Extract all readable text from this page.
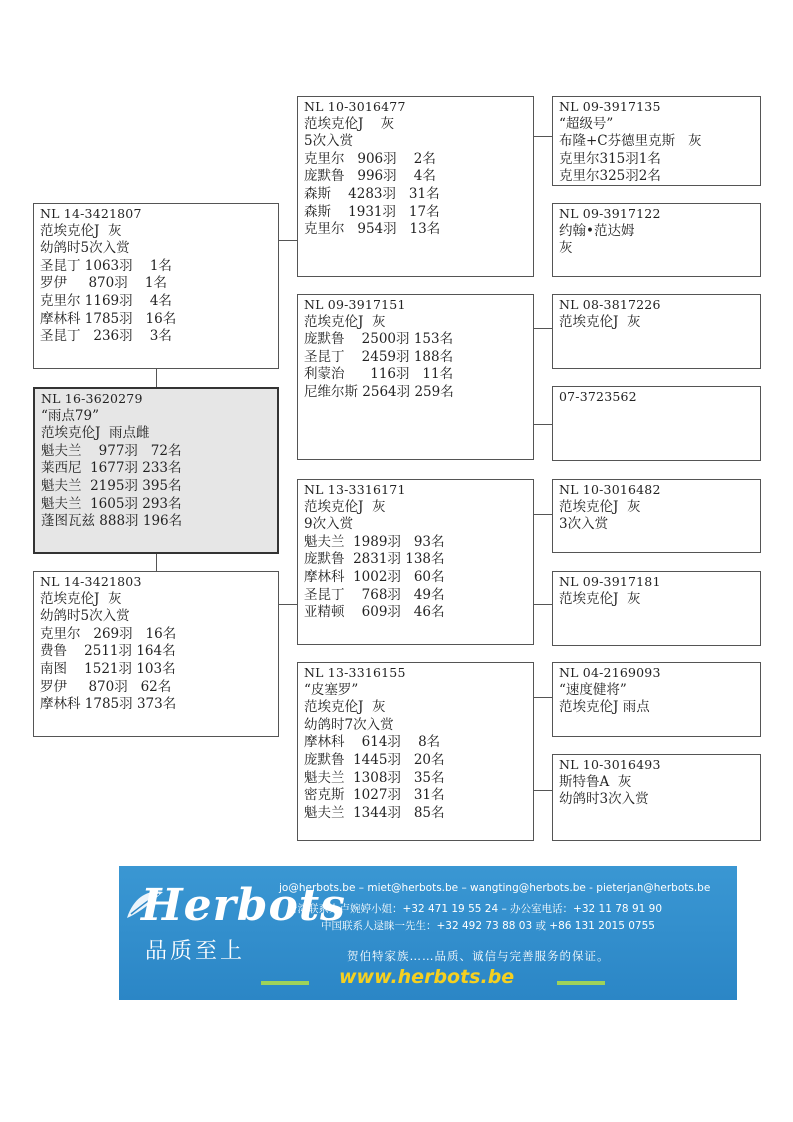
NL 14-3421807
范埃克伦J  灰
幼鸽时5次入赏
圣昆丁 1063羽    1名
罗伊     870羽    1名
克里尔 1169羽    4名
摩林科 1785羽   16名
圣昆丁   236羽    3名
NL 16-3620279
“雨点79”
范埃克伦J  雨点雌
魁夫兰    977羽   72名
莱西尼  1677羽 233名
魁夫兰  2195羽 395名
魁夫兰  1605羽 293名
蓬图瓦兹 888羽 196名
NL 14-3421803
范埃克伦J  灰
幼鸽时5次入赏
克里尔   269羽   16名
费鲁    2511羽 164名
南图    1521羽 103名
罗伊     870羽   62名
摩林科 1785羽 373名
NL 10-3016477
范埃克伦J    灰
5次入赏
克里尔   906羽    2名
庞默鲁   996羽    4名
森斯    4283羽   31名
森斯    1931羽   17名
克里尔   954羽   13名
NL 09-3917151
范埃克伦J  灰
庞默鲁    2500羽 153名
圣昆丁    2459羽 188名
利蒙治      116羽   11名
尼维尔斯 2564羽 259名
NL 13-3316171
范埃克伦J  灰
9次入赏
魁夫兰  1989羽   93名
庞默鲁  2831羽 138名
摩林科  1002羽   60名
圣昆丁    768羽   49名
亚精顿    609羽   46名
NL 13-3316155
“皮塞罗”
范埃克伦J  灰
幼鸽时7次入赏
摩林科    614羽    8名
庞默鲁  1445羽   20名
魁夫兰  1308羽   35名
密克斯  1027羽   31名
魁夫兰  1344羽   85名
NL 09-3917135
“超级号”
布隆+C芬德里克斯   灰
克里尔315羽1名
克里尔325羽2名
NL 09-3917122
约翰•范达姆
灰
NL 08-3817226
范埃克伦J  灰
07-3723562
NL 10-3016482
范埃克伦J  灰
3次入赏
NL 09-3917181
范埃克伦J  灰
NL 04-2169093
“速度健将”
范埃克伦J 雨点
NL 10-3016493
斯特鲁A  灰
幼鸽时3次入赏
Herbots
品质至上
jo@herbots.be – miet@herbots.be – wangting@herbots.be - pieterjan@herbots.be
台湾联系人卢婉婷小姐：+32 471 19 55 24 – 办公室电话：+32 11 78 91 90
中国联系人逯睐一先生：+32 492 73 88 03 或 +86 131 2015 0755
贺伯特家族……品质、诚信与完善服务的保证。
www.herbots.be
